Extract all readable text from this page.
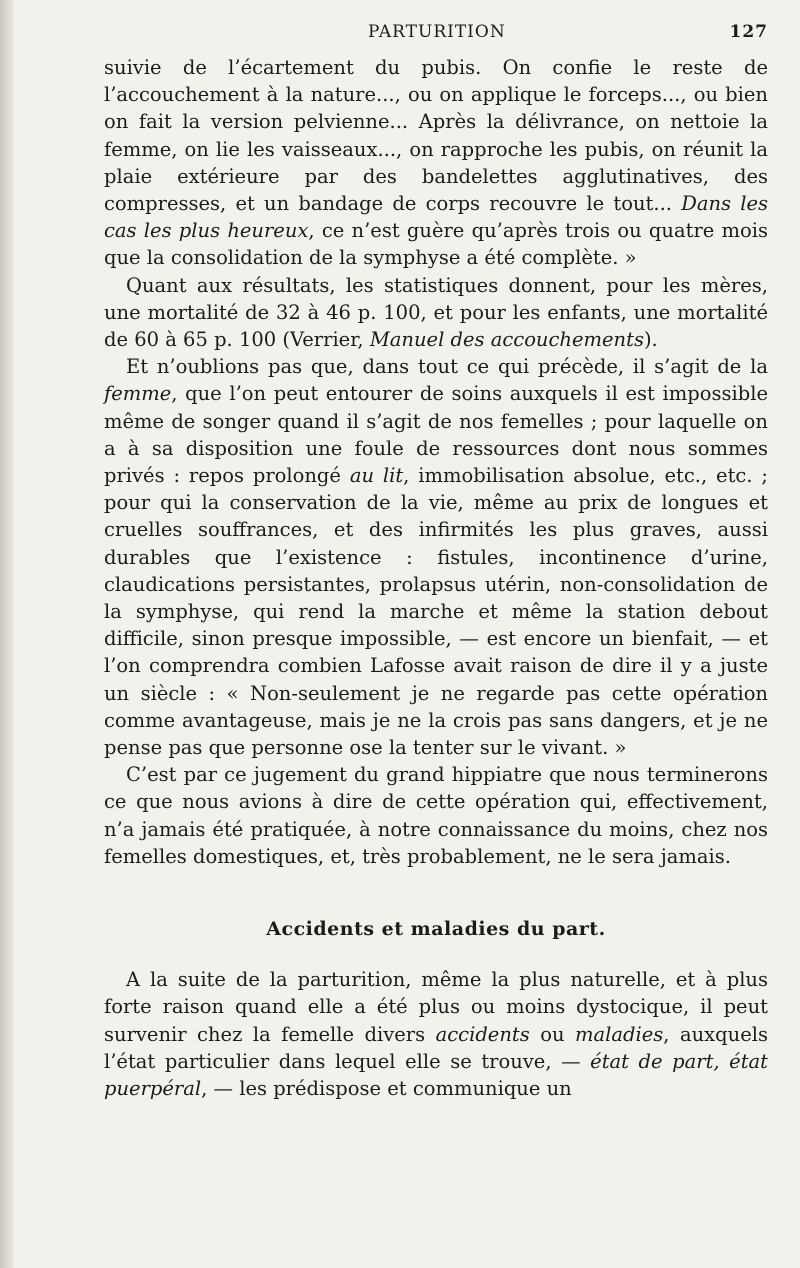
PARTURITION	127

suivie de l’écartement du pubis. On confie le reste de l’accouchement à la nature..., ou on applique le forceps..., ou bien on fait la version pelvienne... Après la délivrance, on nettoie la femme, on lie les vaisseaux..., on rapproche les pubis, on réunit la plaie extérieure par des bandelettes agglutinatives, des compresses, et un bandage de corps recouvre le tout... Dans les cas les plus heureux, ce n’est guère qu’après trois ou quatre mois que la consolidation de la symphyse a été complète. »

Quant aux résultats, les statistiques donnent, pour les mères, une mortalité de 32 à 46 p. 100, et pour les enfants, une mortalité de 60 à 65 p. 100 (Verrier, Manuel des accouchements).

Et n’oublions pas que, dans tout ce qui précède, il s’agit de la femme, que l’on peut entourer de soins auxquels il est impossible même de songer quand il s’agit de nos femelles ; pour laquelle on a à sa disposition une foule de ressources dont nous sommes privés : repos prolongé au lit, immobilisation absolue, etc., etc. ; pour qui la conservation de la vie, même au prix de longues et cruelles souffrances, et des infirmités les plus graves, aussi durables que l’existence : fistules, incontinence d’urine, claudications persistantes, prolapsus utérin, non-consolidation de la symphyse, qui rend la marche et même la station debout difficile, sinon presque impossible, — est encore un bienfait, — et l’on comprendra combien Lafosse avait raison de dire il y a juste un siècle : « Non-seulement je ne regarde pas cette opération comme avantageuse, mais je ne la crois pas sans dangers, et je ne pense pas que personne ose la tenter sur le vivant. »

C’est par ce jugement du grand hippiatre que nous terminerons ce que nous avions à dire de cette opération qui, effectivement, n’a jamais été pratiquée, à notre connaissance du moins, chez nos femelles domestiques, et, très probablement, ne le sera jamais.

Accidents et maladies du part.

A la suite de la parturition, même la plus naturelle, et à plus forte raison quand elle a été plus ou moins dystocique, il peut survenir chez la femelle divers accidents ou maladies, auxquels l’état particulier dans lequel elle se trouve, — état de part, état puerpéral, — les prédispose et communique un
